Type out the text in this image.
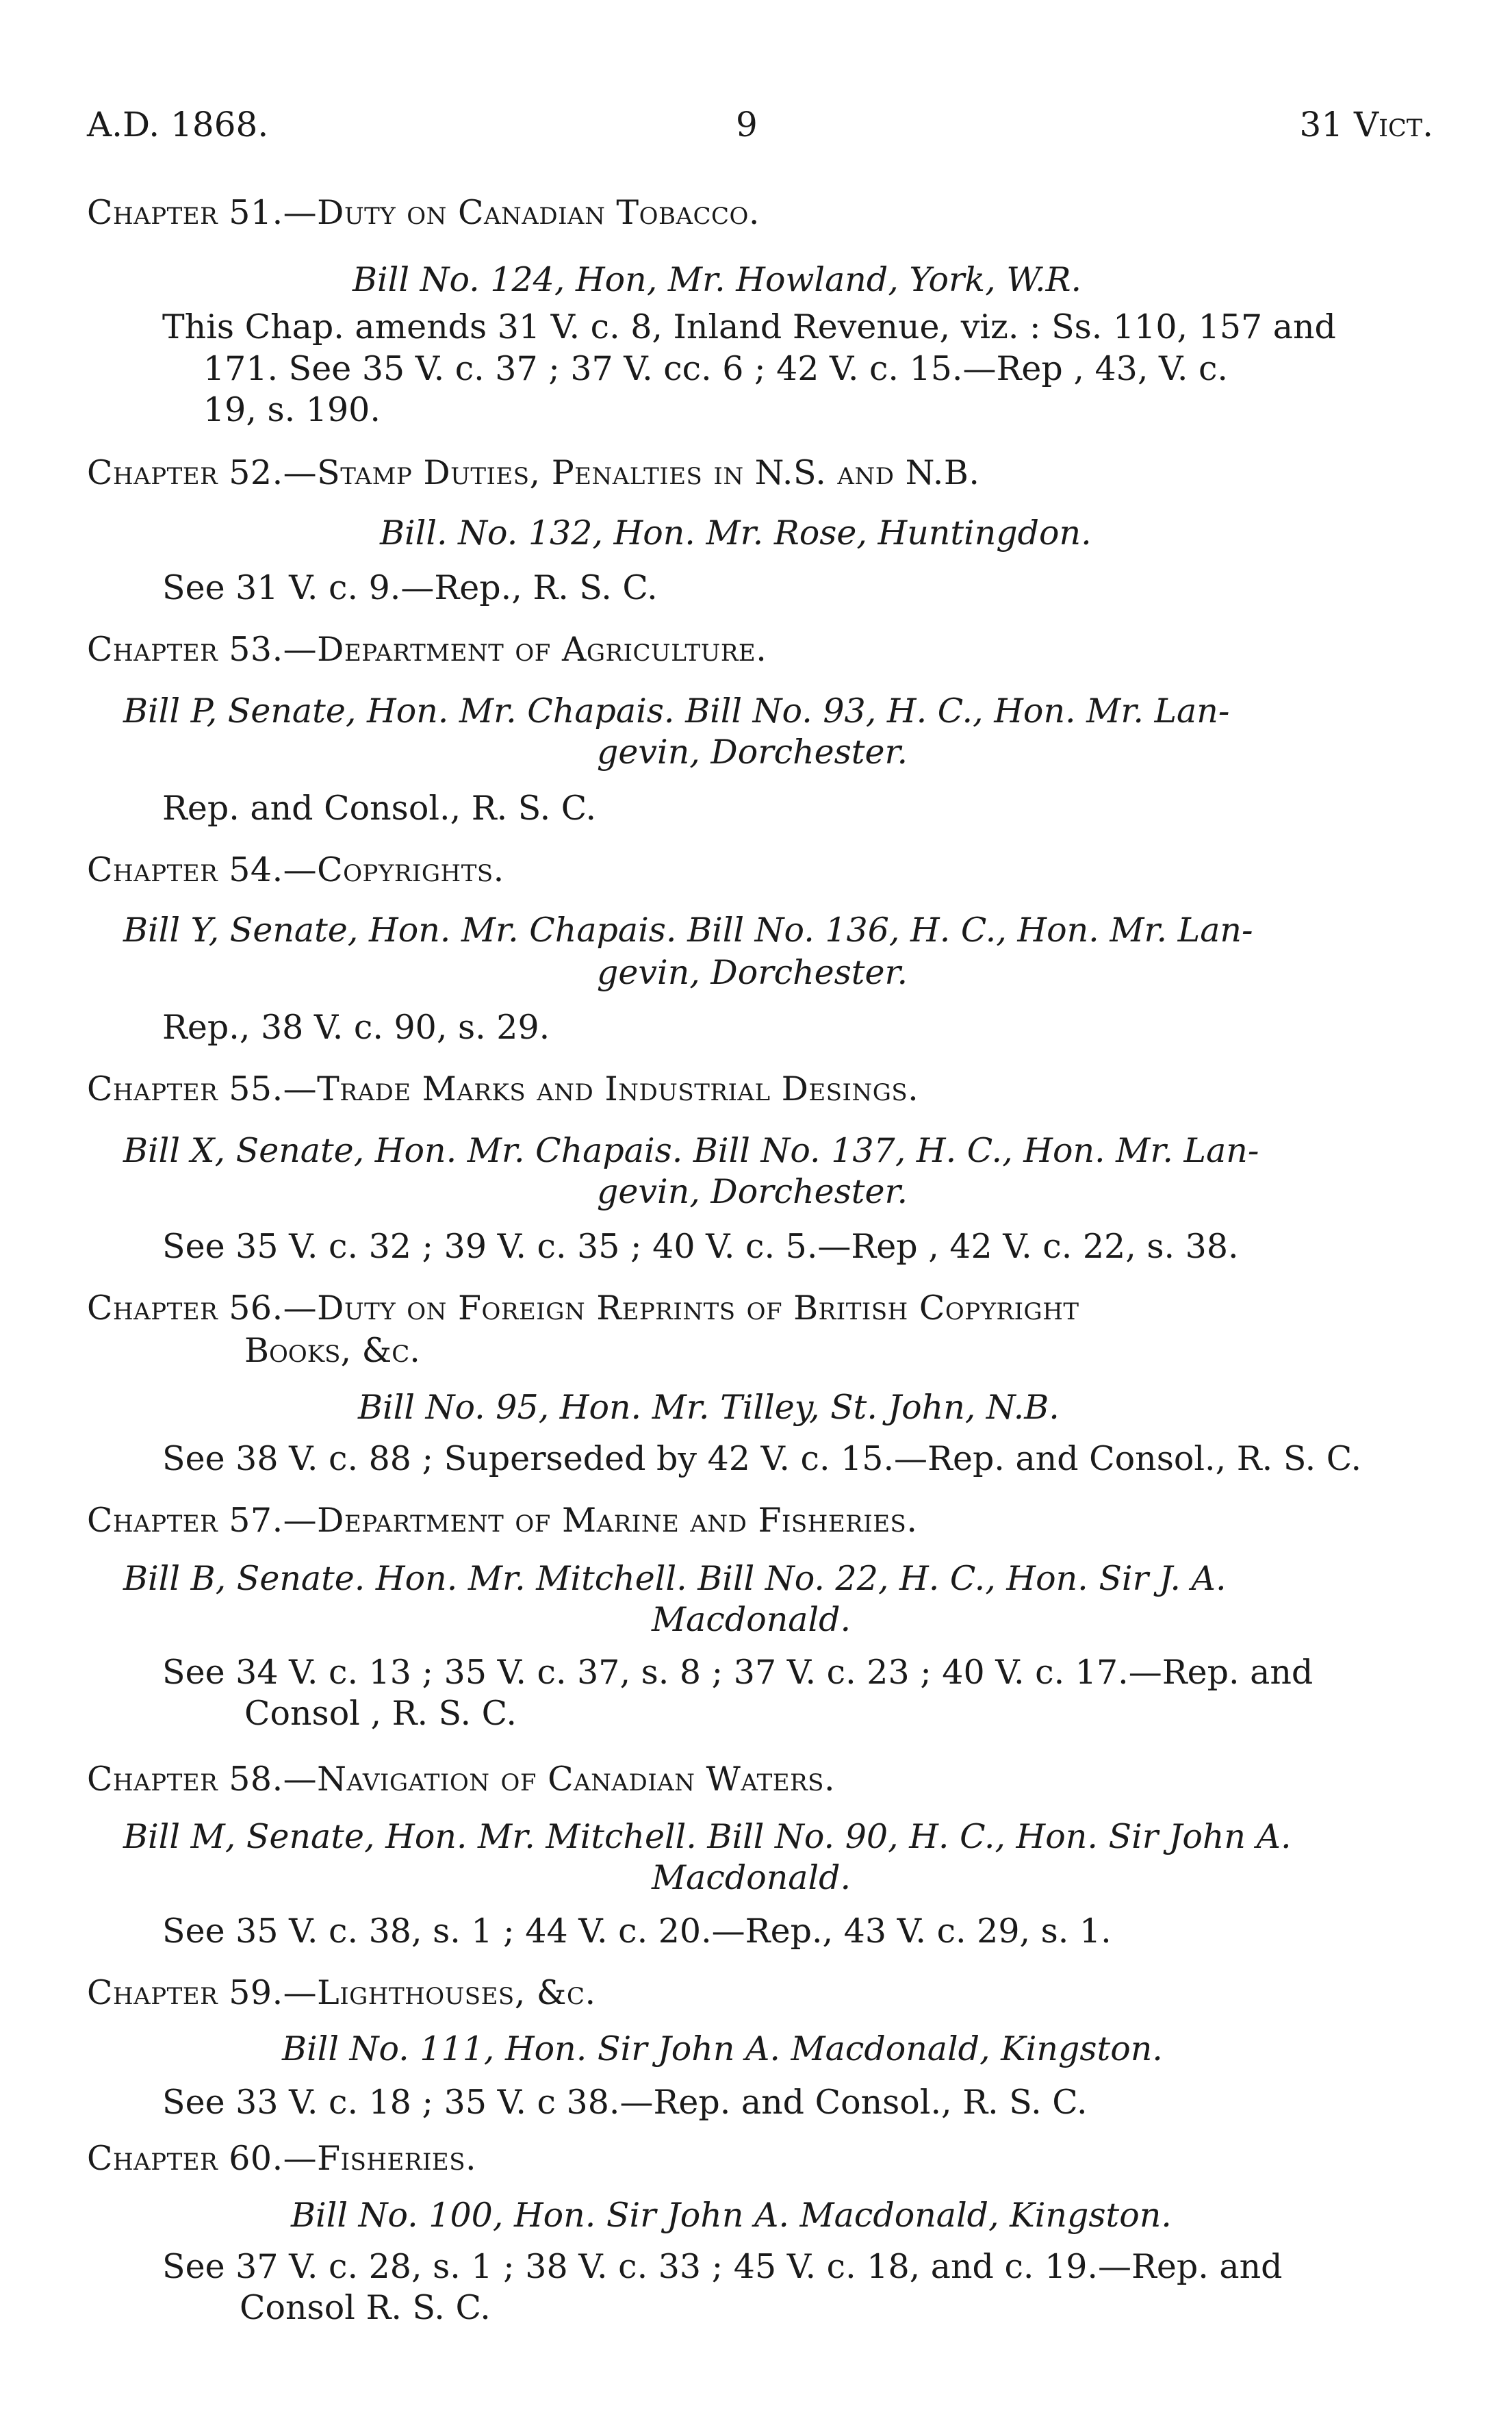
A.D. 1868.	9	31 Vict.
Chapter 51.—Duty on Canadian Tobacco.
Bill No. 124, Hon, Mr. Howland, York, W.R.
This Chap. amends 31 V. c. 8, Inland Revenue, viz. : Ss. 110, 157 and
171. See 35 V. c. 37 ; 37 V. cc. 6 ; 42 V. c. 15.—Rep , 43, V. c.
19, s. 190.
Chapter 52.—Stamp Duties, Penalties in N.S. and N.B.
Bill. No. 132, Hon. Mr. Rose, Huntingdon.
See 31 V. c. 9.—Rep., R. S. C.
Chapter 53.—Department of Agriculture.
Bill P, Senate, Hon. Mr. Chapais. Bill No. 93, H. C., Hon. Mr. Lan-
gevin, Dorchester.
Rep. and Consol., R. S. C.
Chapter 54.—Copyrights.
Bill Y, Senate, Hon. Mr. Chapais. Bill No. 136, H. C., Hon. Mr. Lan-
gevin, Dorchester.
Rep., 38 V. c. 90, s. 29.
Chapter 55.—Trade Marks and Industrial Desings.
Bill X, Senate, Hon. Mr. Chapais. Bill No. 137, H. C., Hon. Mr. Lan-
gevin, Dorchester.
See 35 V. c. 32 ; 39 V. c. 35 ; 40 V. c. 5.—Rep , 42 V. c. 22, s. 38.
Chapter 56.—Duty on Foreign Reprints of British Copyright
Books, &c.
Bill No. 95, Hon. Mr. Tilley, St. John, N.B.
See 38 V. c. 88 ; Superseded by 42 V. c. 15.—Rep. and Consol., R. S. C.
Chapter 57.—Department of Marine and Fisheries.
Bill B, Senate. Hon. Mr. Mitchell. Bill No. 22, H. C., Hon. Sir J. A.
Macdonald.
See 34 V. c. 13 ; 35 V. c. 37, s. 8 ; 37 V. c. 23 ; 40 V. c. 17.—Rep. and
Consol , R. S. C.
Chapter 58.—Navigation of Canadian Waters.
Bill M, Senate, Hon. Mr. Mitchell. Bill No. 90, H. C., Hon. Sir John A.
Macdonald.
See 35 V. c. 38, s. 1 ; 44 V. c. 20.—Rep., 43 V. c. 29, s. 1.
Chapter 59.—Lighthouses, &c.
Bill No. 111, Hon. Sir John A. Macdonald, Kingston.
See 33 V. c. 18 ; 35 V. c 38.—Rep. and Consol., R. S. C.
Chapter 60.—Fisheries.
Bill No. 100, Hon. Sir John A. Macdonald, Kingston.
See 37 V. c. 28, s. 1 ; 38 V. c. 33 ; 45 V. c. 18, and c. 19.—Rep. and
Consol R. S. C.
